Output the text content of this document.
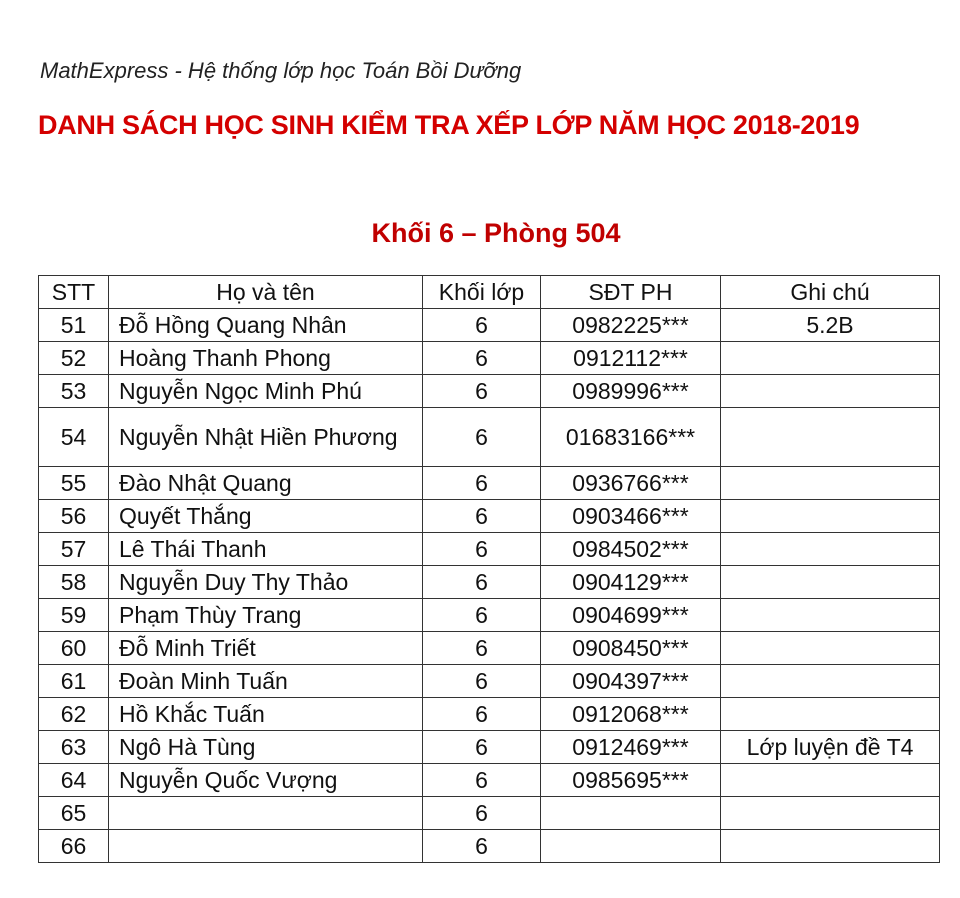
MathExpress - Hệ thống lớp học Toán Bồi Dưỡng
DANH SÁCH HỌC SINH KIỂM TRA XẾP LỚP NĂM HỌC 2018-2019
Khối 6 – Phòng 504
STT	Họ và tên	Khối lớp	SĐT PH	Ghi chú
51	Đỗ Hồng Quang Nhân	6	0982225***	5.2B
52	Hoàng Thanh Phong	6	0912112***	
53	Nguyễn Ngọc Minh Phú	6	0989996***	
54	Nguyễn Nhật Hiền Phương	6	01683166***	
55	Đào Nhật Quang	6	0936766***	
56	Quyết Thắng	6	0903466***	
57	Lê Thái Thanh	6	0984502***	
58	Nguyễn Duy Thy Thảo	6	0904129***	
59	Phạm Thùy Trang	6	0904699***	
60	Đỗ Minh Triết	6	0908450***	
61	Đoàn Minh Tuấn	6	0904397***	
62	Hồ Khắc Tuấn	6	0912068***	
63	Ngô Hà Tùng	6	0912469***	Lớp luyện đề T4
64	Nguyễn Quốc Vượng	6	0985695***	
65		6		
66		6		
